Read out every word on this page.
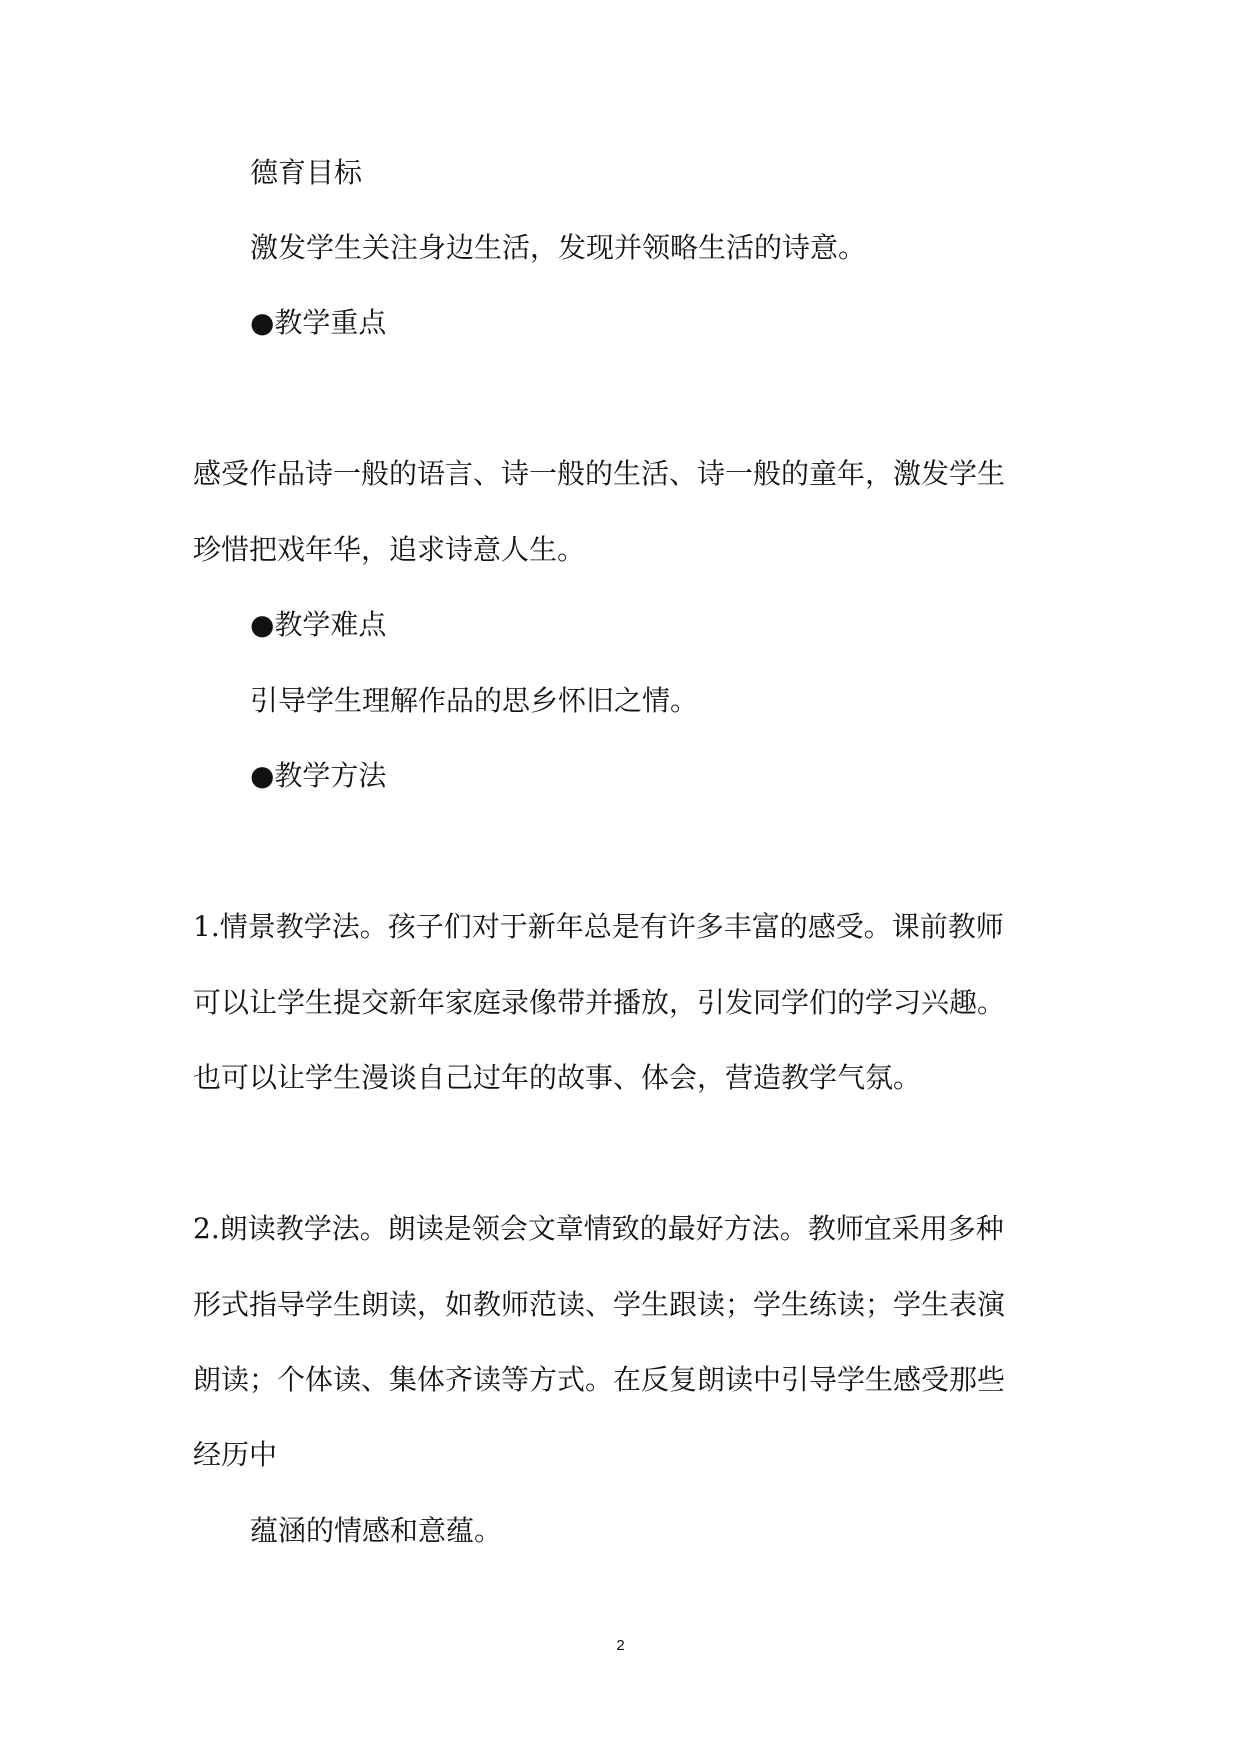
德育目标
激发学生关注身边生活，发现并领略生活的诗意。
●教学重点
感受作品诗一般的语言、诗一般的生活、诗一般的童年，激发学生
珍惜把戏年华，追求诗意人生。
●教学难点
引导学生理解作品的思乡怀旧之情。
●教学方法
1.情景教学法。孩子们对于新年总是有许多丰富的感受。课前教师
可以让学生提交新年家庭录像带并播放，引发同学们的学习兴趣。
也可以让学生漫谈自己过年的故事、体会，营造教学气氛。
2.朗读教学法。朗读是领会文章情致的最好方法。教师宜采用多种
形式指导学生朗读，如教师范读、学生跟读；学生练读；学生表演
朗读；个体读、集体齐读等方式。在反复朗读中引导学生感受那些
经历中
蕴涵的情感和意蕴。
2
